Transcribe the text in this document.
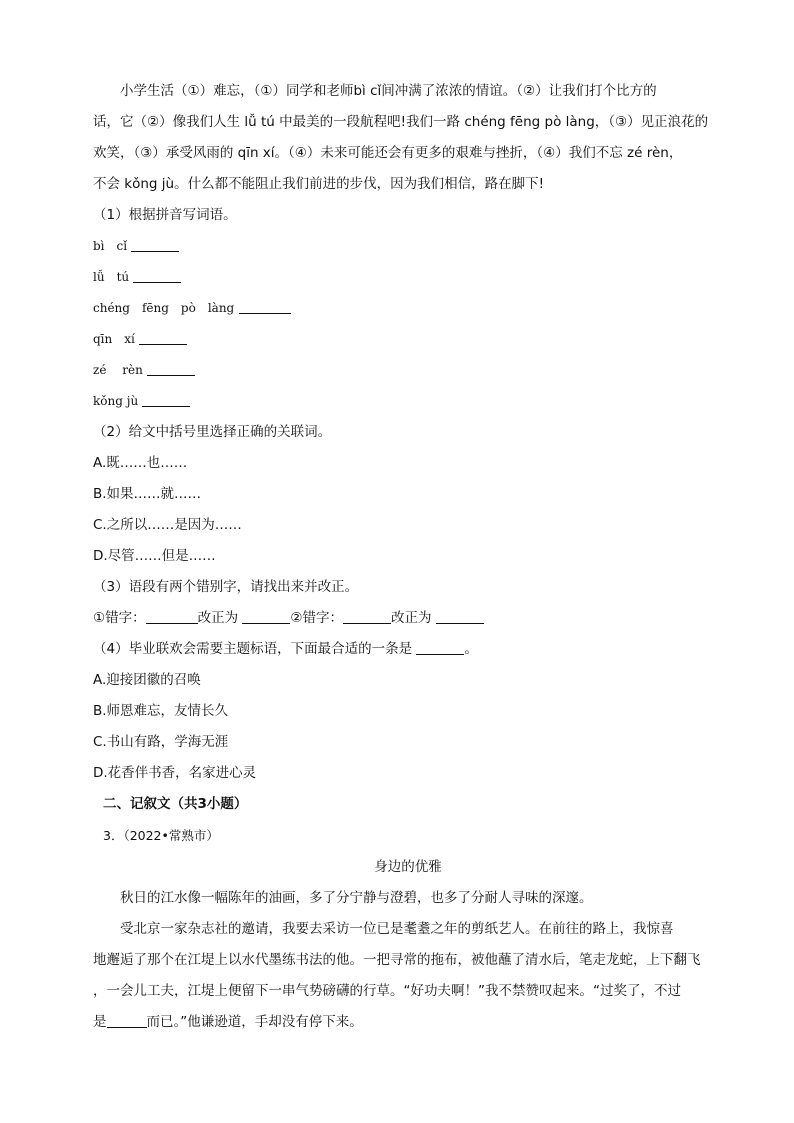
小学生活（①）难忘，（①）同学和老师bì cǐ间冲满了浓浓的情谊。（②）让我们打个比方的
话，它（②）像我们人生 lǚ tú 中最美的一段航程吧!我们一路 chéng fēng pò làng，（③）见正浪花的
欢笑，（③）承受风雨的 qīn xí。（④）未来可能还会有更多的艰难与挫折，（④）我们不忘 zé rèn，
不会 kǒng jù。什么都不能阻止我们前进的步伐，因为我们相信，路在脚下!
（1）根据拼音写词语。
bì　cǐ
lǚ　tú
chéng　fēng　pò　làng
qīn　xí
zé　 rèn
kǒng jù
（2）给文中括号里选择正确的关联词。
A.既……也……
B.如果……就……
C.之所以……是因为……
D.尽管……但是……
（3）语段有两个错别字，请找出来并改正。
①错字：	改正为	②错字：	改正为
（4）毕业联欢会需要主题标语，下面最合适的一条是	。
A.迎接团徽的召唤
B.师恩难忘，友情长久
C.书山有路，学海无涯
D.花香伴书香，名家进心灵
二、记叙文（共3小题）
3．（2022•常熟市）
身边的优雅
秋日的江水像一幅陈年的油画，多了分宁静与澄碧，也多了分耐人寻味的深邃。
受北京一家杂志社的邀请，我要去采访一位已是耄耋之年的剪纸艺人。在前往的路上，我惊喜
地邂逅了那个在江堤上以水代墨练书法的他。一把寻常的拖布，被他蘸了清水后，笔走龙蛇，上下翻飞
，一会儿工夫，江堤上便留下一串气势磅礴的行草。“好功夫啊！”我不禁赞叹起来。“过奖了，不过
是	而已。”他谦逊道，手却没有停下来。
